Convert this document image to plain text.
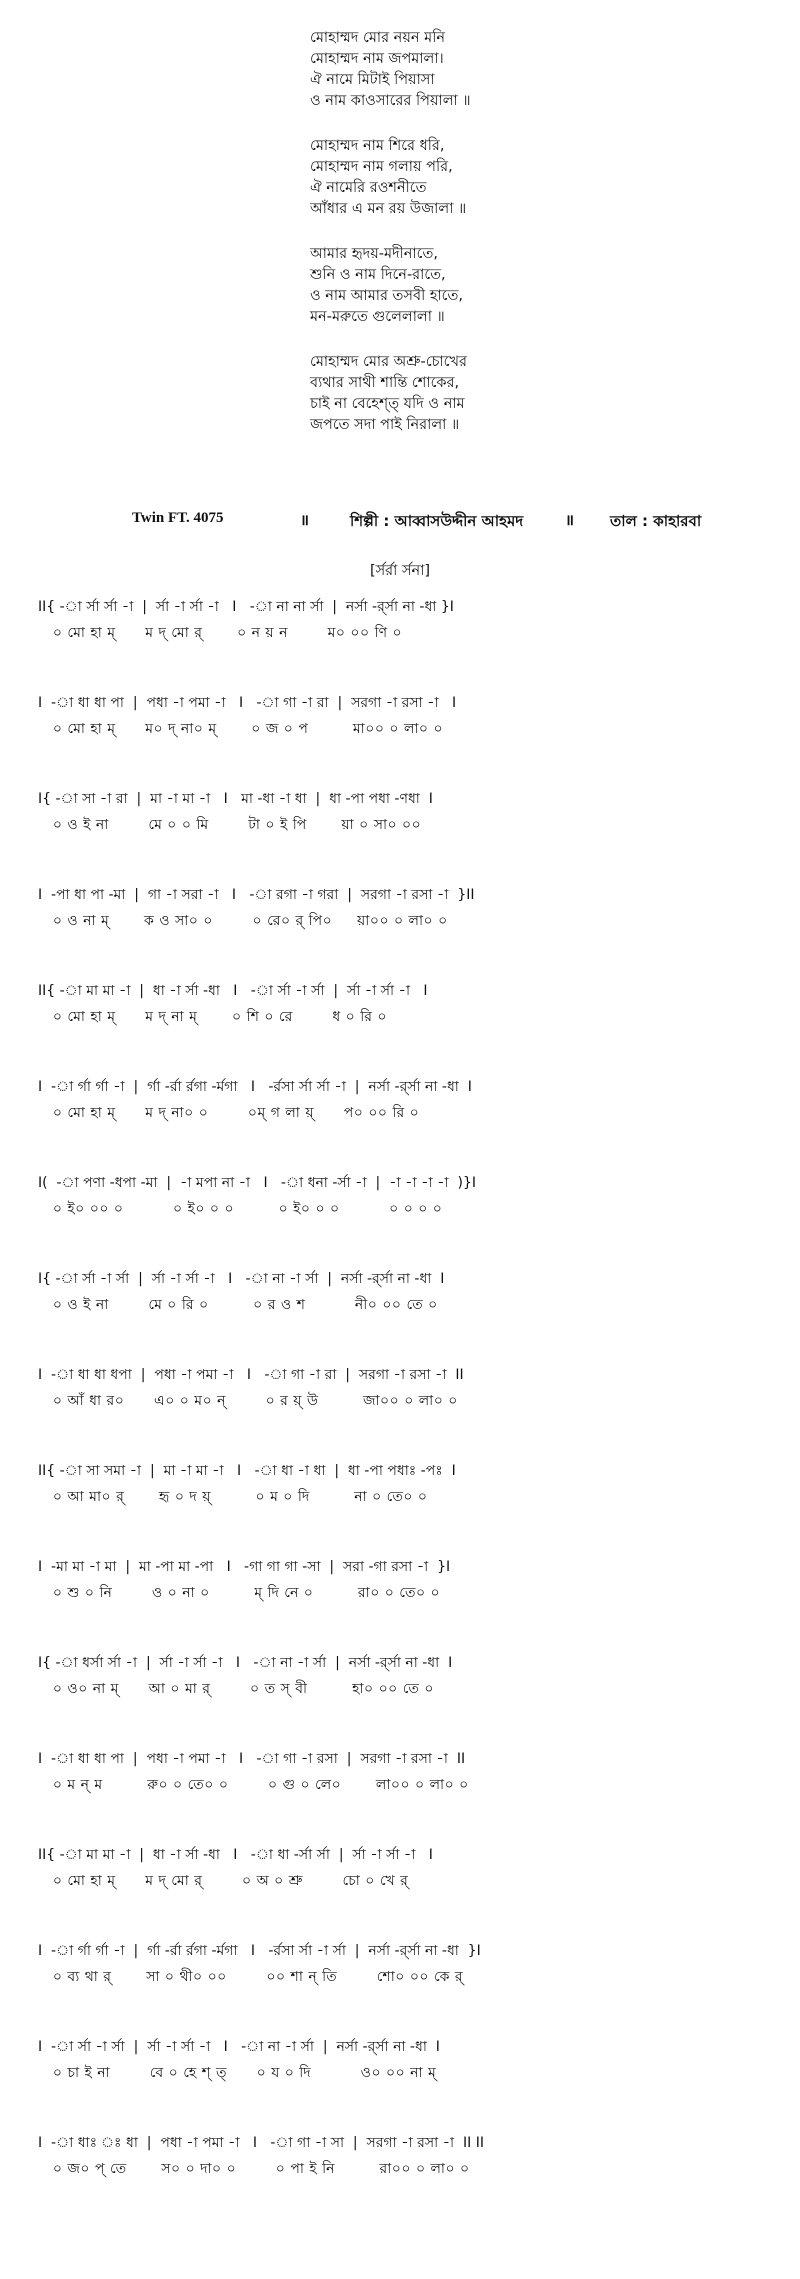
মোহাম্মদ মোর নয়ন মনি
মোহাম্মদ নাম জপমালা।
ঐ নামে মিটাই পিয়াসা
ও নাম কাওসারের পিয়ালা ॥
মোহাম্মদ নাম শিরে ধরি,
মোহাম্মদ নাম গলায় পরি,
ঐ নামেরি রওশনীতে
আঁধার এ মন রয় উজালা ॥
আমার হৃদয়-মদীনাতে,
শুনি ও নাম দিনে-রাতে,
ও নাম আমার তসবী হাতে,
মন-মরুতে গুলেলালা ॥
মোহাম্মদ মোর অশ্রু-চোখের
ব্যথার সাথী শান্তি শোকের,
চাই না বেহেশ্‌ত্‌ যদি ও নাম
জপতে সদা পাই নিরালা ॥
Twin FT. 4075	॥	শিল্পী : আব্বাসউদ্দীন আহমদ	॥ তাল : কাহারবা
[র্সর্রা র্সনা]
II{ -া র্সা র্সা -া  |  র্সা -া র্সা -া   I   -া না না র্সা  |  নর্সা -র্র্সা না -ধা }I
০ মো হা ম্‌      ম দ্‌ মো র্‌       ০ ন য় ন        ম০ ০০ ণি ০
I  -া ধা ধা পা  |  পধা -া পমা -া   I   -া গা -া রা  |  সরগা -া রসা -া   I
০ মো হা ম্‌      ম০ দ্‌ না০ ম্‌       ০ জ ০ প         মা০০ ০ লা০ ০
I{ -া সা -া রা  |  মা -া মা -া   I   মা -ধা -া ধা  |  ধা -পা পধা -ণধা  I
০ ও ই না        মে ০ ০ মি        টা ০ ই পি       য়া ০ সা০ ০০
I  -পা ধা পা -মা  |  গা -া সরা -া   I   -া রগা -া গরা  |  সরগা -া রসা -া  }II
০ ও না ম্‌       ক ও সা০ ০        ০ রে০ র্‌ পি০     য়া০০ ০ লা০ ০
II{ -া মা মা -া  |  ধা -া র্সা -ধা   I   -া র্সা -া র্সা  |  র্সা -া র্সা -া   I
০ মো হা ম্‌      ম দ্‌ না ম্‌       ০ শি ০ রে        ধ ০ রি ০
I  -া র্গা র্গা -া  |  র্গা -র্রা র্রগা -র্মগা   I   -র্রসা র্সা র্সা -া  |  নর্সা -র্র্সা না -ধা  I
০ মো হা ম্‌      ম দ্‌ না০ ০        ০ম্‌ গ লা য়্‌      প০ ০০ রি ০
I(  -া পণা -ধপা -মা  |  -া মপা না -া   I   -া ধনা -র্সা -া  |  -া -া -া -া  )}I
০ ই০ ০০ ০          ০ ই০ ০ ০         ০ ই০ ০ ০          ০ ০ ০ ০
I{ -া র্সা -া র্সা  |  র্সা -া র্সা -া   I   -া না -া র্সা  |  নর্সা -র্র্সা না -ধা  I
০ ও ই না        মে ০ রি ০         ০ র ও শ          নী০ ০০ তে ০
I  -া ধা ধা ধপা  |  পধা -া পমা -া   I   -া গা -া রা  |  সরগা -া রসা -া  II
০ আঁ ধা র০      এ০ ০ ম০ ন্‌        ০ র য়্‌ উ         জা০০ ০ লা০ ০
II{ -া সা সমা -া  |  মা -া মা -া   I   -া ধা -া ধা  |  ধা -পা পধাঃ -পঃ  I
০ আ মা০ র্‌       হৃ ০ দ য়্‌         ০ ম ০ দি         না ০ তে০ ০
I  -মা মা -া মা  |  মা -পা মা -পা   I   -গা গা গা -সা  |  সরা -গা রসা -া  }I
০ শু ০ নি        ও ০ না ০         ম্‌ দি নে ০         রা০ ০ তে০ ০
I{ -া ধর্সা র্সা -া  |  র্সা -া র্সা -া   I   -া না -া র্সা  |  নর্সা -র্র্সা না -ধা  I
০ ও০ না ম্‌      আ ০ মা র্‌        ০ ত স্‌ বী         হা০ ০০ তে ০
I  -া ধা ধা পা  |  পধা -া পমা -া   I   -া গা -া রসা  |  সরগা -া রসা -া  II
০ ম ন্‌ ম         রু০ ০ তে০ ০        ০ গু ০ লে০       লা০০ ০ লা০ ০
II{ -া মা মা -া  |  ধা -া র্সা -ধা   I   -া ধা -র্সা র্সা  |  র্সা -া র্সা -া   I
০ মো হা ম্‌      ম দ্‌ মো র্‌        ০ অ ০ শ্রু        চো ০ খে র্‌
I  -া র্গা র্গা -া  |  র্গা -র্রা র্রগা -র্মগা   I   -র্রসা র্সা -া র্সা  |  নর্সা -র্র্সা না -ধা  }I
০ ব্য থা র্‌       সা ০ থী০ ০০        ০০ শা ন্‌ তি        শো০ ০০ কে র্‌
I  -া র্সা -া র্সা  |  র্সা -া র্সা -া   I   -া না -া র্সা  |  নর্সা -র্র্সা না -ধা  I
০ চা ই না        বে ০ হে শ্‌ ত্‌      ০ য ০ দি          ও০ ০০ না ম্‌
I  -া ধাঃ ঃ ধা  |  পধা -া পমা -া   I   -া গা -া সা  |  সরগা -া রসা -া  II II
০ জ০ প্‌ তে       স০ ০ দা০ ০        ০ পা ই নি         রা০০ ০ লা০ ০
